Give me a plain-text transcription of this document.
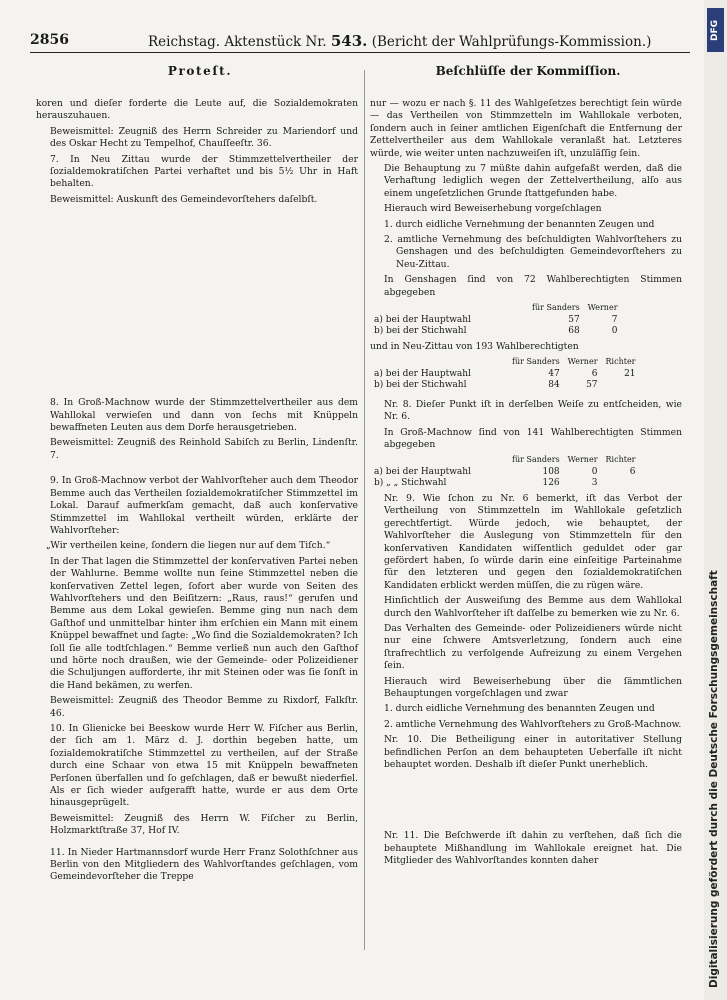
2856	Reichstag. Aktenstück Nr. 543. (Bericht der Wahlprüfungs-Kommission.)
Proteſt.	Beſchlüſſe der Kommiſſion.

koren und dieſer forderte die Leute auf, die Sozialdemokraten herauszuhauen.

Beweismittel: Zeugniß des Herrn Schreider zu Mariendorf und des Oskar Hecht zu Tempelhof, Chauſſeeſtr. 36.

7. In Neu Zittau wurde der Stimmzettelvertheiler der ſozialdemokratiſchen Partei verhaftet und bis 5½ Uhr in Haft behalten.

Beweismittel: Auskunft des Gemeindevorſtehers daſelbſt.

8. In Groß-Machnow wurde der Stimmzettelvertheiler aus dem Wahllokal verwieſen und dann von ſechs mit Knüppeln bewaffneten Leuten aus dem Dorfe herausgetrieben.

Beweismittel: Zeugniß des Reinhold Sabiſch zu Berlin, Lindenſtr. 7.

9. In Groß-Machnow verbot der Wahlvorſteher auch dem Theodor Bemme auch das Vertheilen ſozialdemokratiſcher Stimmzettel im Lokal. Darauf aufmerkſam gemacht, daß auch konſervative Stimmzettel im Wahllokal vertheilt würden, erklärte der Wahlvorſteher:

„Wir vertheilen keine, ſondern die liegen nur auf dem Tiſch.“

In der That lagen die Stimmzettel der konſervativen Partei neben der Wahlurne. Bemme wollte nun ſeine Stimmzettel neben die konſervativen Zettel legen, ſofort aber wurde von Seiten des Wahlvorſtehers und den Beiſitzern: „Raus, raus!“ gerufen und Bemme aus dem Lokal gewieſen. Bemme ging nun nach dem Gaſthof und unmittelbar hinter ihm erſchien ein Mann mit einem Knüppel bewaffnet und ſagte: „Wo ſind die Sozialdemokraten? Ich ſoll ſie alle todtſchlagen.“ Bemme verließ nun auch den Gaſthof und hörte noch draußen, wie der Gemeinde- oder Polizeidiener die Schuljungen aufforderte, ihr mit Steinen oder was ſie ſonſt in die Hand bekämen, zu werfen.

Beweismittel: Zeugniß des Theodor Bemme zu Rixdorf, Falkſtr. 46.

10. In Glienicke bei Beeskow wurde Herr W. Fiſcher aus Berlin, der ſich am 1. März d. J. dorthin begeben hatte, um ſozialdemokratiſche Stimmzettel zu vertheilen, auf der Straße durch eine Schaar von etwa 15 mit Knüppeln bewaffneten Perſonen überfallen und ſo geſchlagen, daß er bewußt niederfiel. Als er ſich wieder aufgerafft hatte, wurde er aus dem Orte hinausgeprügelt.

Beweismittel: Zeugniß des Herrn W. Fiſcher zu Berlin, Holzmarktſtraße 37, Hof IV.

11. In Nieder Hartmannsdorf wurde Herr Franz Solothſchner aus Berlin von den Mitgliedern des Wahlvorſtandes geſchlagen, vom Gemeindevorſteher die Treppe

nur — wozu er nach §. 11 des Wahlgeſetzes berechtigt ſein würde — das Vertheilen von Stimmzetteln im Wahllokale verboten, ſondern auch in ſeiner amtlichen Eigenſchaft die Entfernung der Zettelvertheiler aus dem Wahllokale veranlaßt hat. Letzteres würde, wie weiter unten nachzuweiſen iſt, unzuläſſig ſein.

Die Behauptung zu 7 müßte dahin aufgefaßt werden, daß die Verhaftung lediglich wegen der Zettelvertheilung, alſo aus einem ungeſetzlichen Grunde ſtattgefunden habe.

Hierauch wird Beweiserhebung vorgeſchlagen

1. durch eidliche Vernehmung der benannten Zeugen und

2. amtliche Vernehmung des beſchuldigten Wahlvorſtehers zu Genshagen und des beſchuldigten Gemeindevorſtehers zu Neu-Zittau.

In Genshagen ſind von 72 Wahlberechtigten Stimmen abgegeben

	für Sanders	Werner
a) bei der Hauptwahl	57	7
b) bei der Stichwahl	68	0

und in Neu-Zittau von 193 Wahlberechtigten

	für Sanders	Werner	Richter
a) bei der Hauptwahl	47	6	21
b) bei der Stichwahl	84	57	

Nr. 8. Dieſer Punkt iſt in derſelben Weiſe zu entſcheiden, wie Nr. 6.

In Groß-Machnow ſind von 141 Wahlberechtigten Stimmen abgegeben

	für Sanders	Werner	Richter
a) bei der Hauptwahl	108	0	6
b) „ „ Stichwahl	126	3	

Nr. 9. Wie ſchon zu Nr. 6 bemerkt, iſt das Verbot der Vertheilung von Stimmzetteln im Wahllokale geſetzlich gerechtfertigt. Würde jedoch, wie behauptet, der Wahlvorſteher die Auslegung von Stimmzetteln für den konſervativen Kandidaten wiſſentlich geduldet oder gar gefördert haben, ſo würde darin eine einſeitige Parteinahme für den letzteren und gegen den ſozialdemokratiſchen Kandidaten erblickt werden müſſen, die zu rügen wäre.

Hinſichtlich der Ausweiſung des Bemme aus dem Wahllokal durch den Wahlvorſteher iſt daſſelbe zu bemerken wie zu Nr. 6.

Das Verhalten des Gemeinde- oder Polizeidieners würde nicht nur eine ſchwere Amtsverletzung, ſondern auch eine ſtrafrechtlich zu verfolgende Aufreizung zu einem Vergehen ſein.

Hierauch wird Beweiserhebung über die ſämmtlichen Behauptungen vorgeſchlagen und zwar

1. durch eidliche Vernehmung des benannten Zeugen und

2. amtliche Vernehmung des Wahlvorſtehers zu Groß-Machnow.

Nr. 10. Die Betheiligung einer in autoritativer Stellung befindlichen Perſon an dem behaupteten Ueberfalle iſt nicht behauptet worden. Deshalb iſt dieſer Punkt unerheblich.

Nr. 11. Die Beſchwerde iſt dahin zu verſtehen, daß ſich die behauptete Mißhandlung im Wahllokale ereignet hat. Die Mitglieder des Wahlvorſtandes konnten daher

DFG
Digitalisierung gefördert durch die Deutsche Forschungsgemeinschaft
